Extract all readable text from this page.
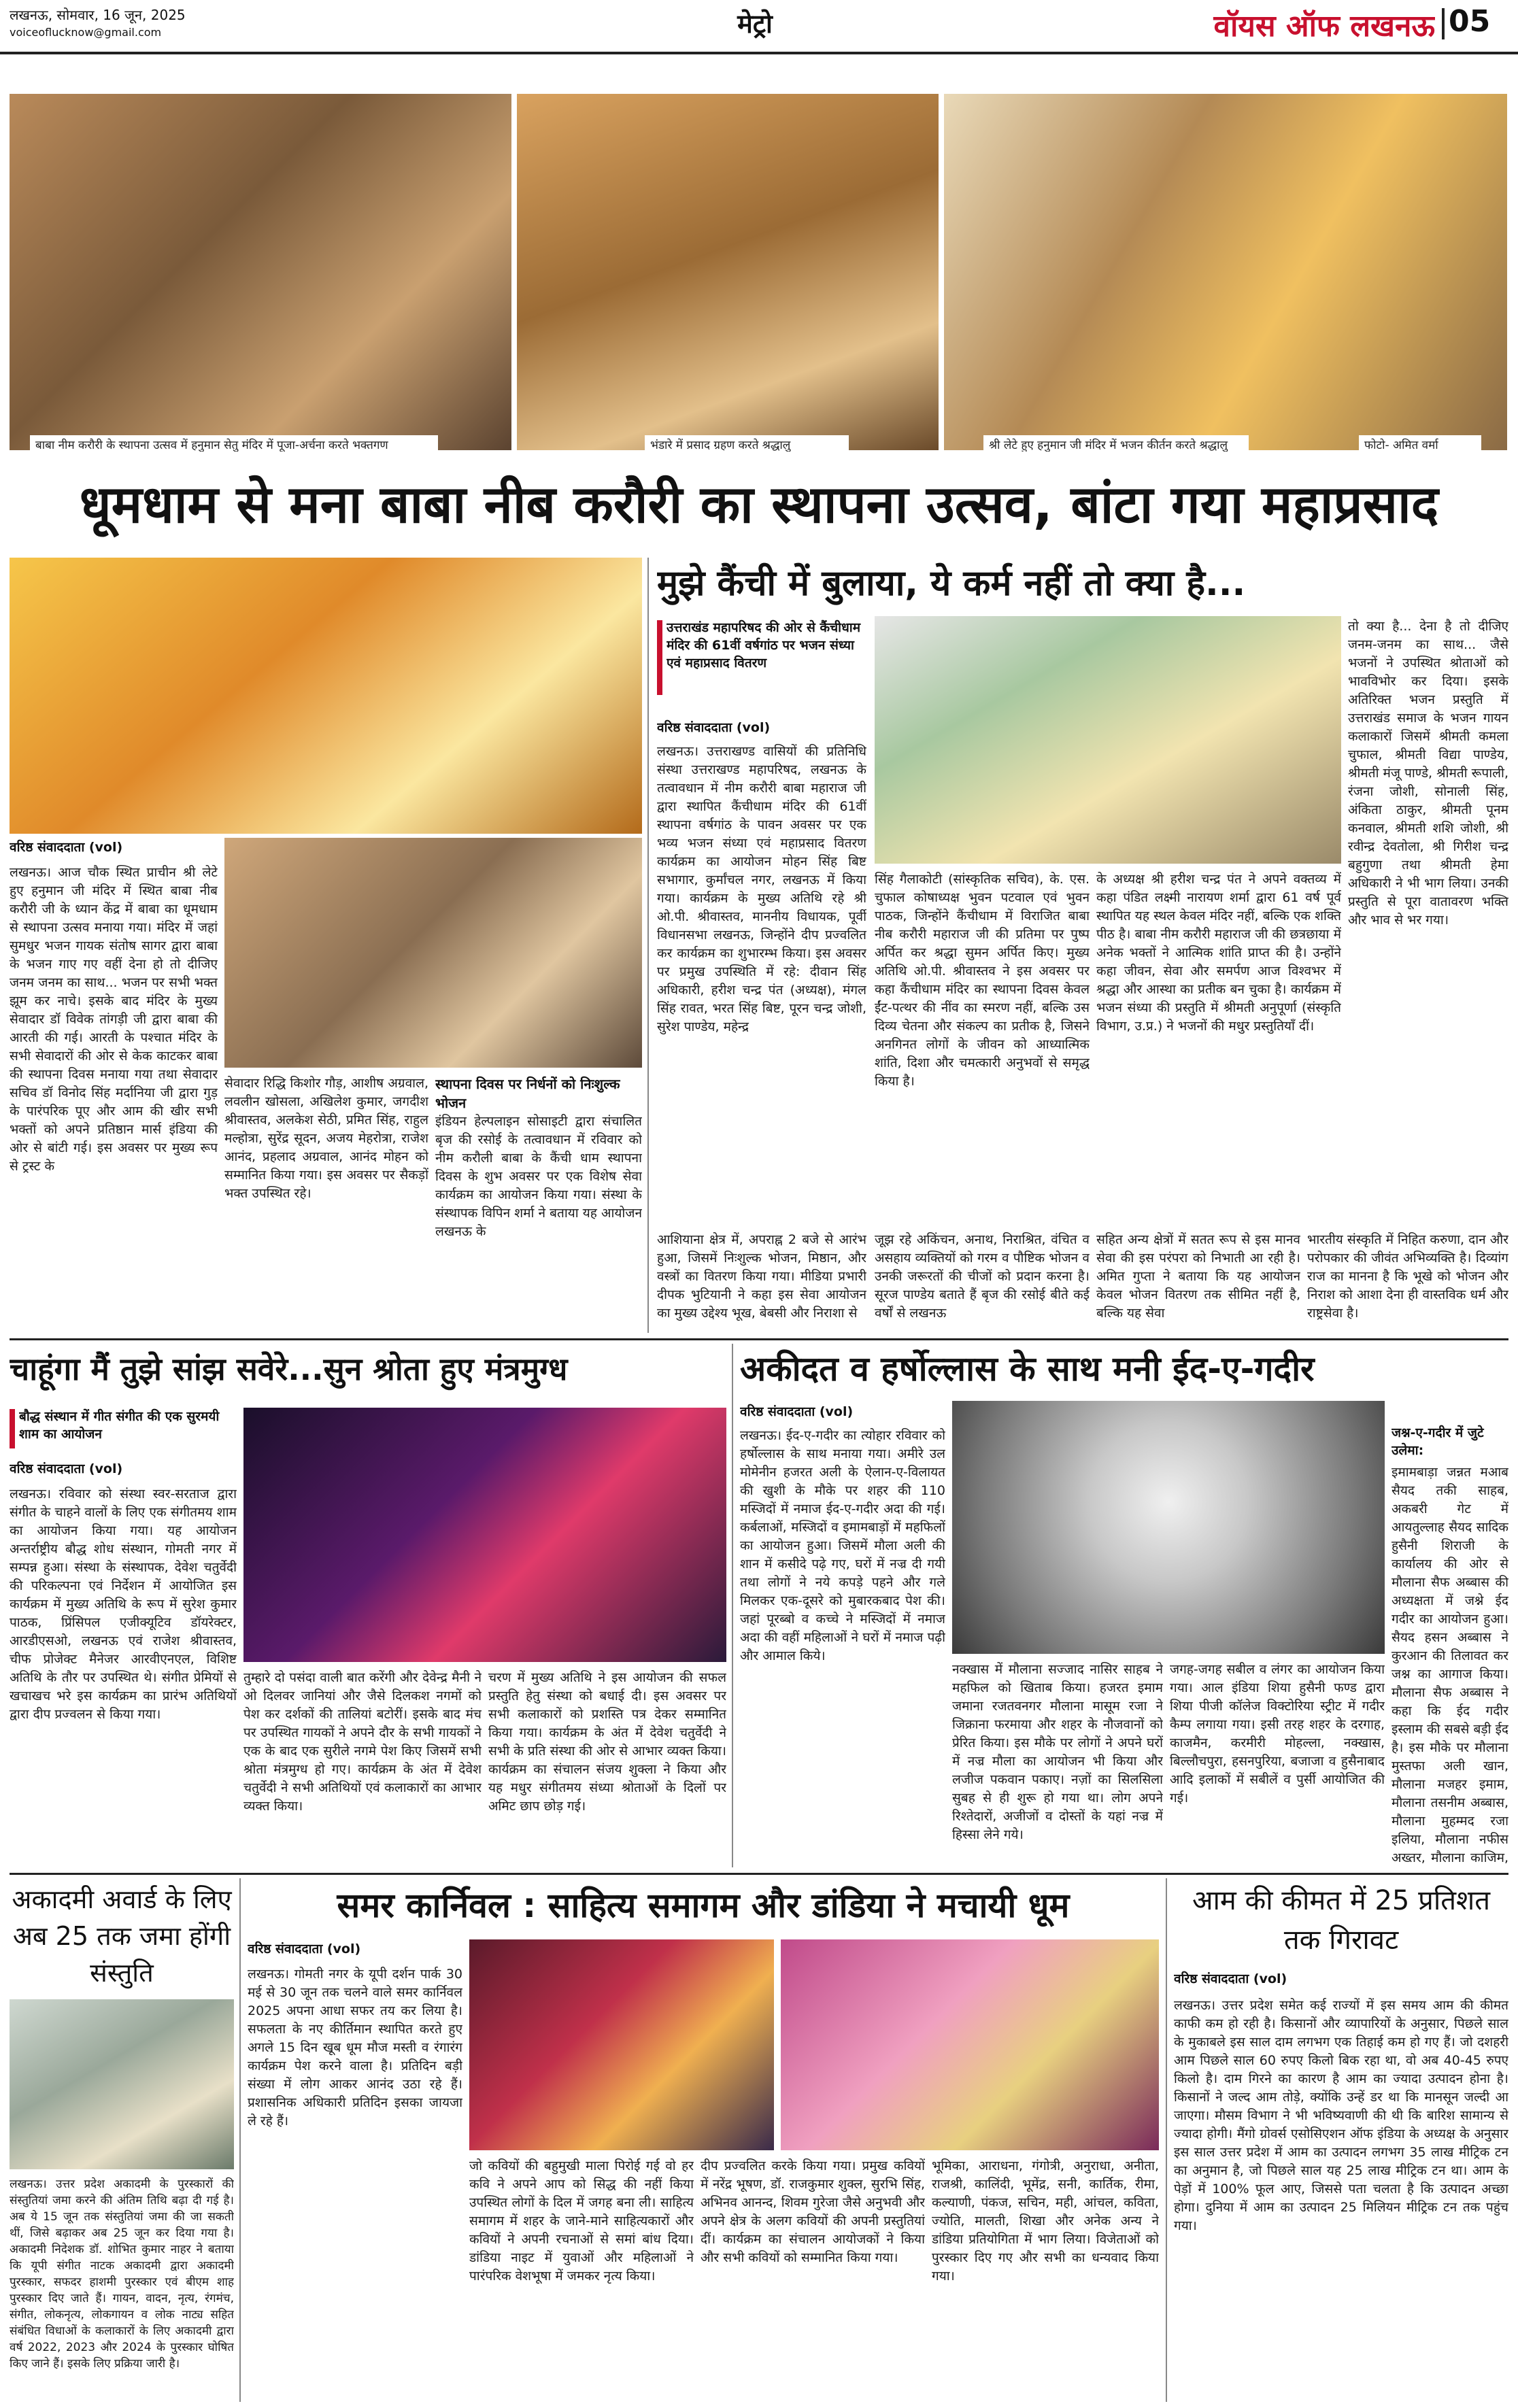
लखनऊ, सोमवार, 16 जून, 2025
voiceoflucknow@gmail.com	मेट्रो	वॉयस ऑफ लखनऊ 05
बाबा नीम करौरी के स्थापना उत्सव में हनुमान सेतु मंदिर में पूजा-अर्चना करते भक्तगण	भंडारे में प्रसाद ग्रहण करते श्रद्धालु	श्री लेटे हुए हनुमान जी मंदिर में भजन कीर्तन करते श्रद्धालु	फोटो- अमित वर्मा
धूमधाम से मना बाबा नीब करौरी का स्थापना उत्सव, बांटा गया महाप्रसाद
वरिष्ठ संवाददाता (vol)
लखनऊ। आज चौक स्थित प्राचीन श्री लेटे हुए हनुमान जी मंदिर में स्थित बाबा नीब करौरी जी के ध्यान केंद्र में बाबा का धूमधाम से स्थापना उत्सव मनाया गया। मंदिर में जहां सुमधुर भजन गायक संतोष सागर द्वारा बाबा के भजन गाए गए वहीं देना हो तो दीजिए जनम जनम का साथ... भजन पर सभी भक्त झूम कर नाचे। इसके बाद मंदिर के मुख्य सेवादार डॉ विवेक तांगड़ी जी द्वारा बाबा की आरती की गई। आरती के पश्चात मंदिर के सभी सेवादारों की ओर से केक काटकर बाबा की स्थापना दिवस मनाया गया तथा सेवादार सचिव डॉ विनोद सिंह मर्दानिया जी द्वारा गुड़ के पारंपरिक पूए और आम की खीर सभी भक्तों को अपने प्रतिष्ठान मार्स इंडिया की ओर से बांटी गई। इस अवसर पर मुख्य रूप से ट्रस्ट के
सेवादार रिद्धि किशोर गौड़, आशीष अग्रवाल, लवलीन खोसला, अखिलेश कुमार, जगदीश श्रीवास्तव, अलकेश सेठी, प्रमित सिंह, राहुल मल्होत्रा, सुरेंद्र सूदन, अजय मेहरोत्रा, राजेश आनंद, प्रहलाद अग्रवाल, आनंद मोहन को सम्मानित किया गया। इस अवसर पर सैकड़ों भक्त उपस्थित रहे।
स्थापना दिवस पर निर्धनों को निःशुल्क भोजन
इंडियन हेल्पलाइन सोसाइटी द्वारा संचालित बृज की रसोई के तत्वावधान में रविवार को नीम करौली बाबा के कैंची धाम स्थापना दिवस के शुभ अवसर पर एक विशेष सेवा कार्यक्रम का आयोजन किया गया। संस्था के संस्थापक विपिन शर्मा ने बताया यह आयोजन लखनऊ के
मुझे कैंची में बुलाया, ये कर्म नहीं तो क्या है...
उत्तराखंड महापरिषद की ओर से कैंचीधाम मंदिर की 61वीं वर्षगांठ पर भजन संध्या एवं महाप्रसाद वितरण
वरिष्ठ संवाददाता (vol)
लखनऊ। उत्तराखण्ड वासियों की प्रतिनिधि संस्था उत्तराखण्ड महापरिषद, लखनऊ के तत्वावधान में नीम करौरी बाबा महाराज जी द्वारा स्थापित कैंचीधाम मंदिर की 61वीं स्थापना वर्षगांठ के पावन अवसर पर एक भव्य भजन संध्या एवं महाप्रसाद वितरण कार्यक्रम का आयोजन मोहन सिंह बिष्ट सभागार, कुर्मांचल नगर, लखनऊ में किया गया। कार्यक्रम के मुख्य अतिथि रहे श्री ओ.पी. श्रीवास्तव, माननीय विधायक, पूर्वी विधानसभा लखनऊ, जिन्होंने दीप प्रज्वलित कर कार्यक्रम का शुभारम्भ किया। इस अवसर पर प्रमुख उपस्थिति में रहे: दीवान सिंह अधिकारी, हरीश चन्द्र पंत (अध्यक्ष), मंगल सिंह रावत, भरत सिंह बिष्ट, पूरन चन्द्र जोशी, सुरेश पाण्डेय, महेन्द्र
सिंह गैलाकोटी (सांस्कृतिक सचिव), के. एस. चुफाल कोषाध्यक्ष भुवन पटवाल एवं भुवन पाठक, जिन्होंने कैंचीधाम में विराजित बाबा नीब करौरी महाराज जी की प्रतिमा पर पुष्प अर्पित कर श्रद्धा सुमन अर्पित किए। मुख्य अतिथि ओ.पी. श्रीवास्तव ने इस अवसर पर कहा कैंचीधाम मंदिर का स्थापना दिवस केवल ईंट-पत्थर की नींव का स्मरण नहीं, बल्कि उस दिव्य चेतना और संकल्प का प्रतीक है, जिसने अनगिनत लोगों के जीवन को आध्यात्मिक शांति, दिशा और चमत्कारी अनुभवों से समृद्ध किया है।
के अध्यक्ष श्री हरीश चन्द्र पंत ने अपने वक्तव्य में कहा पंडित लक्ष्मी नारायण शर्मा द्वारा 61 वर्ष पूर्व स्थापित यह स्थल केवल मंदिर नहीं, बल्कि एक शक्ति पीठ है। बाबा नीम करौरी महाराज जी की छत्रछाया में अनेक भक्तों ने आत्मिक शांति प्राप्त की है। उन्होंने कहा जीवन, सेवा और समर्पण आज विश्वभर में श्रद्धा और आस्था का प्रतीक बन चुका है। कार्यक्रम में भजन संध्या की प्रस्तुति में श्रीमती अनुपूर्णा (संस्कृति विभाग, उ.प्र.) ने भजनों की मधुर प्रस्तुतियाँ दीं।
तो क्या है... देना है तो दीजिए जनम-जनम का साथ... जैसे भजनों ने उपस्थित श्रोताओं को भावविभोर कर दिया। इसके अतिरिक्त भजन प्रस्तुति में उत्तराखंड समाज के भजन गायन कलाकारों जिसमें श्रीमती कमला चुफाल, श्रीमती विद्या पाण्डेय, श्रीमती मंजू पाण्डे, श्रीमती रूपाली, रंजना जोशी, सोनाली सिंह, अंकिता ठाकुर, श्रीमती पूनम कनवाल, श्रीमती शशि जोशी, श्री रवीन्द्र देवतोला, श्री गिरीश चन्द्र बहुगुणा तथा श्रीमती हेमा अधिकारी ने भी भाग लिया। उनकी प्रस्तुति से पूरा वातावरण भक्ति और भाव से भर गया।
आशियाना क्षेत्र में, अपराह्न 2 बजे से आरंभ हुआ, जिसमें निःशुल्क भोजन, मिष्ठान, और वस्त्रों का वितरण किया गया। मीडिया प्रभारी दीपक भुटियानी ने कहा इस सेवा आयोजन का मुख्य उद्देश्य भूख, बेबसी और निराशा से
जूझ रहे अकिंचन, अनाथ, निराश्रित, वंचित व असहाय व्यक्तियों को गरम व पौष्टिक भोजन व उनकी जरूरतों की चीजों को प्रदान करना है। सूरज पाण्डेय बताते हैं बृज की रसोई बीते कई वर्षों से लखनऊ
सहित अन्य क्षेत्रों में सतत रूप से इस मानव सेवा की इस परंपरा को निभाती आ रही है। अमित गुप्ता ने बताया कि यह आयोजन केवल भोजन वितरण तक सीमित नहीं है, बल्कि यह सेवा
भारतीय संस्कृति में निहित करुणा, दान और परोपकार की जीवंत अभिव्यक्ति है। दिव्यांग राज का मानना है कि भूखे को भोजन और निराश को आशा देना ही वास्तविक धर्म और राष्ट्रसेवा है।
चाहूंगा मैं तुझे सांझ सवेरे...सुन श्रोता हुए मंत्रमुग्ध
बौद्ध संस्थान में गीत संगीत की एक सुरमयी शाम का आयोजन
वरिष्ठ संवाददाता (vol)
लखनऊ। रविवार को संस्था स्वर-सरताज द्वारा संगीत के चाहने वालों के लिए एक संगीतमय शाम का आयोजन किया गया। यह आयोजन अन्तर्राष्ट्रीय बौद्ध शोध संस्थान, गोमती नगर में सम्पन्न हुआ। संस्था के संस्थापक, देवेश चतुर्वेदी की परिकल्पना एवं निर्देशन में आयोजित इस कार्यक्रम में मुख्य अतिथि के रूप में सुरेश कुमार पाठक, प्रिंसिपल एजीक्यूटिव डॉयरेक्टर, आरडीएसओ, लखनऊ एवं राजेश श्रीवास्तव, चीफ प्रोजेक्ट मैनेजर आरवीएनएल, विशिष्ट अतिथि के तौर पर उपस्थित थे। संगीत प्रेमियों से खचाखच भरे इस कार्यक्रम का प्रारंभ अतिथियों द्वारा दीप प्रज्वलन से किया गया।
तुम्हारे दो पसंदा वाली बात करेंगी और देवेन्द्र मैनी ने ओ दिलवर जानियां और जैसे दिलकश नगमों को पेश कर दर्शकों की तालियां बटोरीं। इसके बाद मंच पर उपस्थित गायकों ने अपने दौर के सभी गायकों ने एक के बाद एक सुरीले नगमे पेश किए जिसमें सभी श्रोता मंत्रमुग्ध हो गए। कार्यक्रम के अंत में देवेश चतुर्वेदी ने सभी अतिथियों एवं कलाकारों का आभार व्यक्त किया।
चरण में मुख्य अतिथि ने इस आयोजन की सफल प्रस्तुति हेतु संस्था को बधाई दी। इस अवसर पर सभी कलाकारों को प्रशस्ति पत्र देकर सम्मानित किया गया। कार्यक्रम के अंत में देवेश चतुर्वेदी ने सभी के प्रति संस्था की ओर से आभार व्यक्त किया। कार्यक्रम का संचालन संजय शुक्ला ने किया और यह मधुर संगीतमय संध्या श्रोताओं के दिलों पर अमिट छाप छोड़ गई।
अकीदत व हर्षोल्लास के साथ मनी ईद-ए-गदीर
वरिष्ठ संवाददाता (vol)
लखनऊ। ईद-ए-गदीर का त्योहार रविवार को हर्षोल्लास के साथ मनाया गया। अमीरे उल मोमेनीन हजरत अली के ऐलान-ए-विलायत की खुशी के मौके पर शहर की 110 मस्जिदों में नमाज ईद-ए-गदीर अदा की गई। कर्बलाओं, मस्जिदों व इमामबाड़ों में महफिलों का आयोजन हुआ। जिसमें मौला अली की शान में कसीदे पढ़े गए, घरों में नज्र दी गयी तथा लोगों ने नये कपड़े पहने और गले मिलकर एक-दूसरे को मुबारकबाद पेश की। जहां पूरब्बो व कच्चे ने मस्जिदों में नमाज अदा की वहीं महिलाओं ने घरों में नमाज पढ़ी और आमाल किये।
नक्खास में मौलाना सज्जाद नासिर साहब ने महफिल को खिताब किया। हजरत इमाम जमाना रजतवनगर मौलाना मासूम रजा ने जिक्राना फरमाया और शहर के नौजवानों को प्रेरित किया। इस मौके पर लोगों ने अपने घरों में नज्र मौला का आयोजन भी किया और लजीज पकवान पकाए। नज़ों का सिलसिला सुबह से ही शुरू हो गया था। लोग अपने रिश्तेदारों, अजीजों व दोस्तों के यहां नज्र में हिस्सा लेने गये।
जगह-जगह सबील व लंगर का आयोजन किया गया। आल इंडिया शिया हुसैनी फण्ड द्वारा शिया पीजी कॉलेज विक्टोरिया स्ट्रीट में गदीर कैम्प लगाया गया। इसी तरह शहर के दरगाह, काजमैन, करमीरी मोहल्ला, नक्खास, बिल्लौचपुरा, हसनपुरिया, बजाजा व हुसैनाबाद आदि इलाकों में सबीलें व पुर्सी आयोजित की गई।
जश्न-ए-गदीर में जुटे उलेमा:
इमामबाड़ा जन्नत मआब सैयद तकी साहब, अकबरी गेट में आयतुल्लाह सैयद सादिक हुसैनी शिराजी के कार्यालय की ओर से मौलाना सैफ अब्बास की अध्यक्षता में जश्ने ईद गदीर का आयोजन हुआ। सैयद हसन अब्बास ने कुरआन की तिलावत कर जश्न का आगाज किया। मौलाना सैफ अब्बास ने कहा कि ईद गदीर इस्लाम की सबसे बड़ी ईद है। इस मौके पर मौलाना मुस्तफा अली खान, मौलाना मजहर इमाम, मौलाना तसनीम अब्बास, मौलाना मुहम्मद रजा इलिया, मौलाना नफीस अख्तर, मौलाना काजिम,
अकादमी अवार्ड के लिए अब 25 तक जमा होंगी संस्तुति
लखनऊ। उत्तर प्रदेश अकादमी के पुरस्कारों की संस्तुतियां जमा करने की अंतिम तिथि बढ़ा दी गई है। अब ये 15 जून तक संस्तुतियां जमा की जा सकती थीं, जिसे बढ़ाकर अब 25 जून कर दिया गया है। अकादमी निदेशक डॉ. शोभित कुमार नाहर ने बताया कि यूपी संगीत नाटक अकादमी द्वारा अकादमी पुरस्कार, सफदर हाशमी पुरस्कार एवं बीएम शाह पुरस्कार दिए जाते हैं। गायन, वादन, नृत्य, रंगमंच, संगीत, लोकनृत्य, लोकगायन व लोक नाट्य सहित संबंधित विधाओं के कलाकारों के लिए अकादमी द्वारा वर्ष 2022, 2023 और 2024 के पुरस्कार घोषित किए जाने हैं। इसके लिए प्रक्रिया जारी है।
समर कार्निवल : साहित्य समागम और डांडिया ने मचायी धूम
वरिष्ठ संवाददाता (vol)
लखनऊ। गोमती नगर के यूपी दर्शन पार्क 30 मई से 30 जून तक चलने वाले समर कार्निवल 2025 अपना आधा सफर तय कर लिया है। सफलता के नए कीर्तिमान स्थापित करते हुए अगले 15 दिन खूब धूम मौज मस्ती व रंगारंग कार्यक्रम पेश करने वाला है। प्रतिदिन बड़ी संख्या में लोग आकर आनंद उठा रहे हैं। प्रशासनिक अधिकारी प्रतिदिन इसका जायजा ले रहे हैं।
जो कवियों की बहुमुखी माला पिरोई गई वो हर कवि ने अपने आप को सिद्ध की नहीं किया उपस्थित लोगों के दिल में जगह बना ली। साहित्य समागम में शहर के जाने-माने साहित्यकारों और कवियों ने अपनी रचनाओं से समां बांध दिया। डांडिया नाइट में युवाओं और महिलाओं ने पारंपरिक वेशभूषा में जमकर नृत्य किया।
दीप प्रज्वलित करके किया गया। प्रमुख कवियों में नरेंद्र भूषण, डॉ. राजकुमार शुक्ल, सुरभि सिंह, अभिनव आनन्द, शिवम गुरेजा जैसे अनुभवी और अपने क्षेत्र के अलग कवियों की अपनी प्रस्तुतियां दीं। कार्यक्रम का संचालन आयोजकों ने किया और सभी कवियों को सम्मानित किया गया।
भूमिका, आराधना, गंगोत्री, अनुराधा, अनीता, राजश्री, कालिंदी, भूमेंद्र, सनी, कार्तिक, रीमा, कल्याणी, पंकज, सचिन, मही, आंचल, कविता, ज्योति, मालती, शिखा और अनेक अन्य ने डांडिया प्रतियोगिता में भाग लिया। विजेताओं को पुरस्कार दिए गए और सभी का धन्यवाद किया गया।
आम की कीमत में 25 प्रतिशत तक गिरावट
वरिष्ठ संवाददाता (vol)
लखनऊ। उत्तर प्रदेश समेत कई राज्यों में इस समय आम की कीमत काफी कम हो रही है। किसानों और व्यापारियों के अनुसार, पिछले साल के मुकाबले इस साल दाम लगभग एक तिहाई कम हो गए हैं। जो दशहरी आम पिछले साल 60 रुपए किलो बिक रहा था, वो अब 40-45 रुपए किलो है। दाम गिरने का कारण है आम का ज्यादा उत्पादन होना है। किसानों ने जल्द आम तोड़े, क्योंकि उन्हें डर था कि मानसून जल्दी आ जाएगा। मौसम विभाग ने भी भविष्यवाणी की थी कि बारिश सामान्य से ज्यादा होगी। मैंगो ग्रोवर्स एसोसिएशन ऑफ इंडिया के अध्यक्ष के अनुसार इस साल उत्तर प्रदेश में आम का उत्पादन लगभग 35 लाख मीट्रिक टन का अनुमान है, जो पिछले साल यह 25 लाख मीट्रिक टन था। आम के पेड़ों में 100% फूल आए, जिससे पता चलता है कि उत्पादन अच्छा होगा। दुनिया में आम का उत्पादन 25 मिलियन मीट्रिक टन तक पहुंच गया।
